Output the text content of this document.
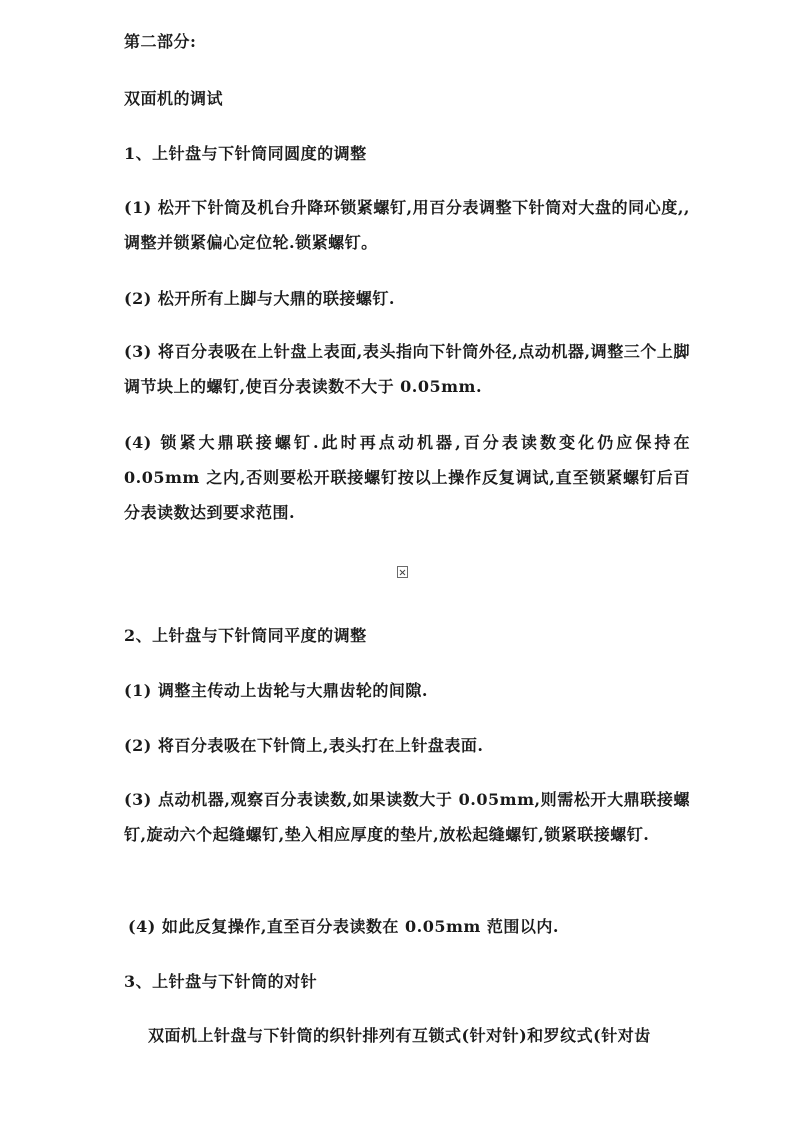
第二部分:
双面机的调试
1、上针盘与下针筒同圆度的调整
(1) 松开下针筒及机台升降环锁紧螺钉,用百分表调整下针筒对大盘的同心度,,调整并锁紧偏心定位轮.锁紧螺钉。
(2) 松开所有上脚与大鼎的联接螺钉.
(3) 将百分表吸在上针盘上表面,表头指向下针筒外径,点动机器,调整三个上脚调节块上的螺钉,使百分表读数不大于 0.05mm.
(4) 锁紧大鼎联接螺钉.此时再点动机器,百分表读数变化仍应保持在 0.05mm 之内,否则要松开联接螺钉按以上操作反复调试,直至锁紧螺钉后百分表读数达到要求范围.
2、上针盘与下针筒同平度的调整
(1) 调整主传动上齿轮与大鼎齿轮的间隙.
(2) 将百分表吸在下针筒上,表头打在上针盘表面.
(3) 点动机器,观察百分表读数,如果读数大于 0.05mm,则需松开大鼎联接螺钉,旋动六个起缝螺钉,垫入相应厚度的垫片,放松起缝螺钉,锁紧联接螺钉.
(4) 如此反复操作,直至百分表读数在 0.05mm 范围以内.
3、上针盘与下针筒的对针
双面机上针盘与下针筒的织针排列有互锁式(针对针)和罗纹式(针对齿
